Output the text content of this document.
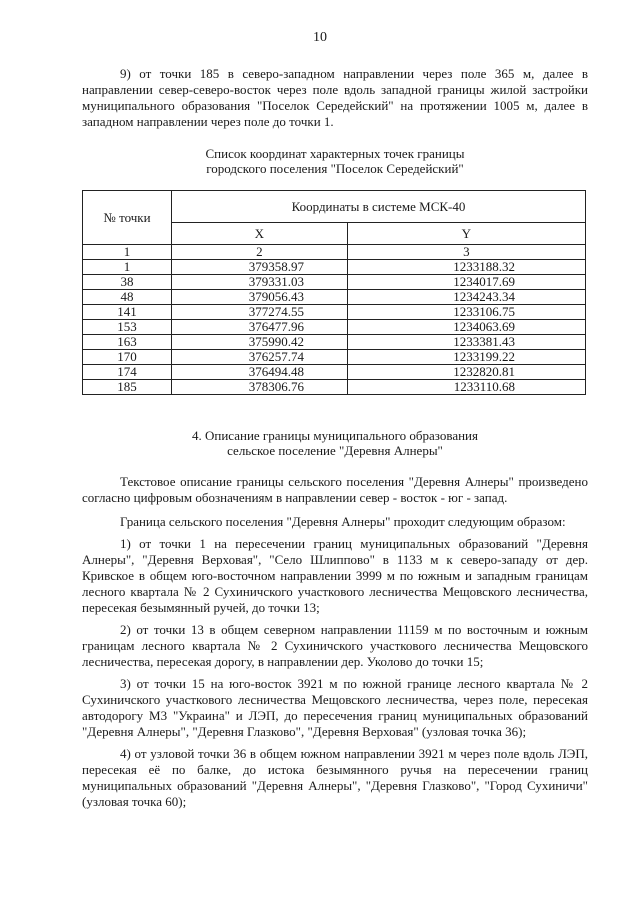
10

9) от точки 185 в северо-западном направлении через поле 365 м, далее в направлении север-северо-восток через поле вдоль западной границы жилой застройки муниципального образования "Поселок Середейский" на протяжении 1005 м, далее в западном направлении через поле до точки 1.

Список координат характерных точек границы
городского поселения "Поселок Середейский"
№ точки	Координаты в системе МСК-40	
	X	Y
1	2	3
1	379358.97	1233188.32
38	379331.03	1234017.69
48	379056.43	1234243.34
141	377274.55	1233106.75
153	376477.96	1234063.69
163	375990.42	1233381.43
170	376257.74	1233199.22
174	376494.48	1232820.81
185	378306.76	1233110.68
4. Описание границы муниципального образования
сельское поселение "Деревня Алнеры"

Текстовое описание границы сельского поселения "Деревня Алнеры" произведено согласно цифровым обозначениям в направлении север - восток - юг - запад.

Граница сельского поселения "Деревня Алнеры" проходит следующим образом:

1) от точки 1 на пересечении границ муниципальных образований "Деревня Алнеры", "Деревня Верховая", "Село Шлиппово" в 1133 м к северо-западу от дер. Кривское в общем юго-восточном направлении 3999 м по южным и западным границам лесного квартала № 2 Сухиничского участкового лесничества Мещовского лесничества, пересекая безымянный ручей, до точки 13;

2) от точки 13 в общем северном направлении 11159 м по восточным и южным границам лесного квартала № 2 Сухиничского участкового лесничества Мещовского лесничества, пересекая дорогу, в направлении дер. Уколово до точки 15;

3) от точки 15 на юго-восток 3921 м по южной границе лесного квартала № 2 Сухиничского участкового лесничества Мещовского лесничества, через поле, пересекая автодорогу М3 "Украина" и ЛЭП, до пересечения границ муниципальных образований "Деревня Алнеры", "Деревня Глазково", "Деревня Верховая" (узловая точка 36);

4) от узловой точки 36 в общем южном направлении 3921 м через поле вдоль ЛЭП, пересекая её по балке, до истока безымянного ручья на пересечении границ муниципальных образований "Деревня Алнеры", "Деревня Глазково", "Город Сухиничи" (узловая точка 60);
